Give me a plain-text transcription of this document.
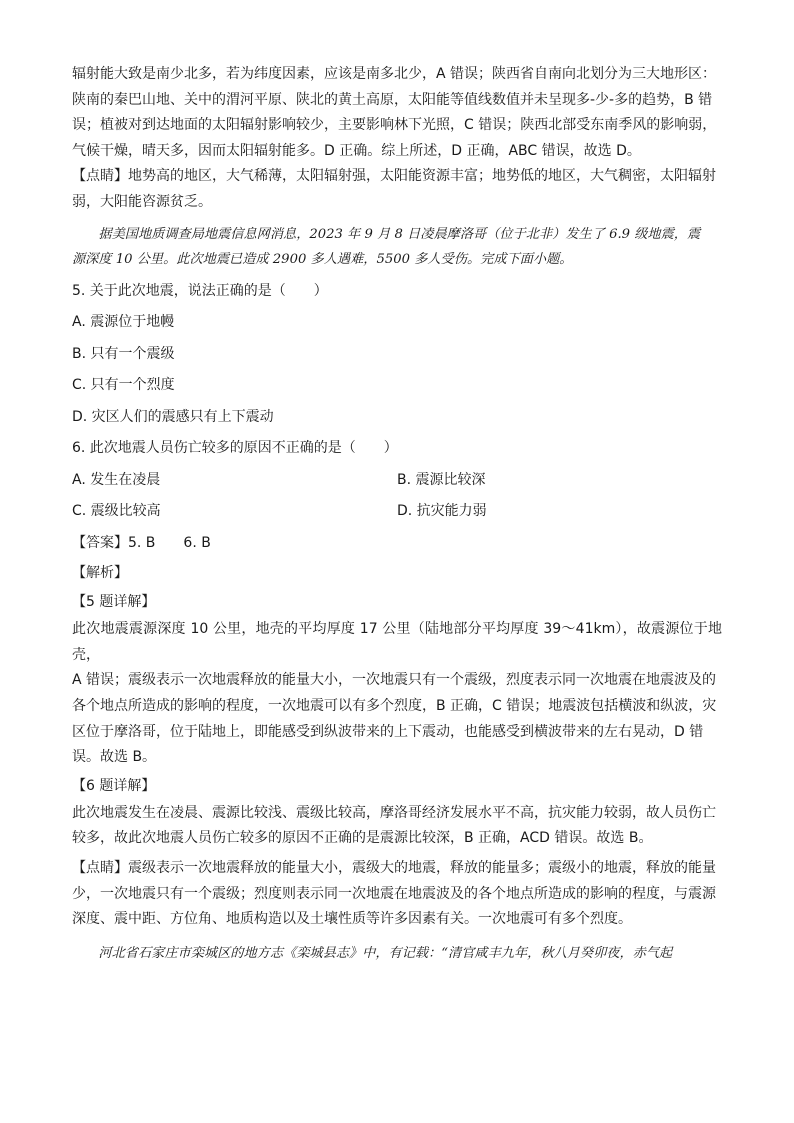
辐射能大致是南少北多，若为纬度因素，应该是南多北少，A 错误；陕西省自南向北划分为三大地形区：

陕南的秦巴山地、关中的渭河平原、陕北的黄土高原，太阳能等值线数值并未呈现多-少-多的趋势，B 错

误；植被对到达地面的太阳辐射影响较少，主要影响林下光照，C 错误；陕西北部受东南季风的影响弱，

气候干燥，晴天多，因而太阳辐射能多。D 正确。综上所述，D 正确，ABC 错误，故选 D。

【点睛】地势高的地区，大气稀薄，太阳辐射强，太阳能资源丰富；地势低的地区，大气稠密，太阳辐射

弱，大阳能咨源贫乏。

据美国地质调查局地震信息网消息，2023 年 9 月 8 日凌晨摩洛哥（位于北非）发生了 6.9 级地震，震

源深度 10 公里。此次地震已造成 2900 多人遇难，5500 多人受伤。完成下面小题。

5. 关于此次地震，说法正确的是（　　）

A. 震源位于地幔

B. 只有一个震级

C. 只有一个烈度

D. 灾区人们的震感只有上下震动

6. 此次地震人员伤亡较多的原因不正确的是（　　）

A. 发生在凌晨	B. 震源比较深
C. 震级比较高	D. 抗灾能力弱

【答案】5. B　　6. B

【解析】

【5 题详解】

此次地震震源深度 10 公里，地壳的平均厚度 17 公里（陆地部分平均厚度 39～41km），故震源位于地壳，

A 错误；震级表示一次地震释放的能量大小，一次地震只有一个震级，烈度表示同一次地震在地震波及的

各个地点所造成的影响的程度，一次地震可以有多个烈度，B 正确，C 错误；地震波包括横波和纵波，灾

区位于摩洛哥，位于陆地上，即能感受到纵波带来的上下震动，也能感受到横波带来的左右晃动，D 错

误。故选 B。

【6 题详解】

此次地震发生在凌晨、震源比较浅、震级比较高，摩洛哥经济发展水平不高，抗灾能力较弱，故人员伤亡

较多，故此次地震人员伤亡较多的原因不正确的是震源比较深，B 正确，ACD 错误。故选 B。

【点睛】震级表示一次地震释放的能量大小，震级大的地震，释放的能量多；震级小的地震，释放的能量

少，一次地震只有一个震级；烈度则表示同一次地震在地震波及的各个地点所造成的影响的程度，与震源

深度、震中距、方位角、地质构造以及土壤性质等许多因素有关。一次地震可有多个烈度。

河北省石家庄市栾城区的地方志《栾城县志》中，有记载：“清官咸丰九年，秋八月癸卯夜，赤气起
